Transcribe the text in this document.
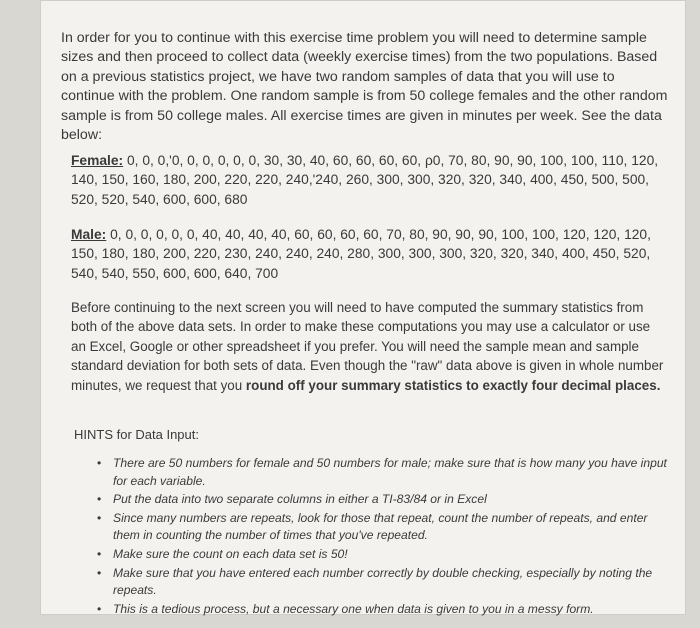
In order for you to continue with this exercise time problem you will need to determine sample sizes and then proceed to collect data (weekly exercise times) from the two populations. Based on a previous statistics project, we have two random samples of data that you will use to continue with the problem. One random sample is from 50 college females and the other random sample is from 50 college males. All exercise times are given in minutes per week. See the data below:
Female: 0, 0, 0,'0, 0, 0, 0, 0, 0, 30, 30, 40, 60, 60, 60, 60, ρ0, 70, 80, 90, 90, 100, 100, 110, 120, 140, 150, 160, 180, 200, 220, 220, 240,'240, 260, 300, 300, 320, 320, 340, 400, 450, 500, 500, 520, 520, 540, 600, 600, 680
Male: 0, 0, 0, 0, 0, 0, 40, 40, 40, 40, 60, 60, 60, 60, 70, 80, 90, 90, 90, 100, 100, 120, 120, 120, 150, 180, 180, 200, 220, 230, 240, 240, 240, 280, 300, 300, 300, 320, 320, 340, 400, 450, 520, 540, 540, 550, 600, 600, 640, 700
Before continuing to the next screen you will need to have computed the summary statistics from both of the above data sets. In order to make these computations you may use a calculator or use an Excel, Google or other spreadsheet if you prefer. You will need the sample mean and sample standard deviation for both sets of data. Even though the "raw" data above is given in whole number minutes, we request that you round off your summary statistics to exactly four decimal places.
HINTS for Data Input:
• There are 50 numbers for female and 50 numbers for male; make sure that is how many you have input for each variable.
• Put the data into two separate columns in either a TI-83/84 or in Excel
• Since many numbers are repeats, look for those that repeat, count the number of repeats, and enter them in counting the number of times that you've repeated.
• Make sure the count on each data set is 50!
• Make sure that you have entered each number correctly by double checking, especially by noting the repeats.
• This is a tedious process, but a necessary one when data is given to you in a messy form.
